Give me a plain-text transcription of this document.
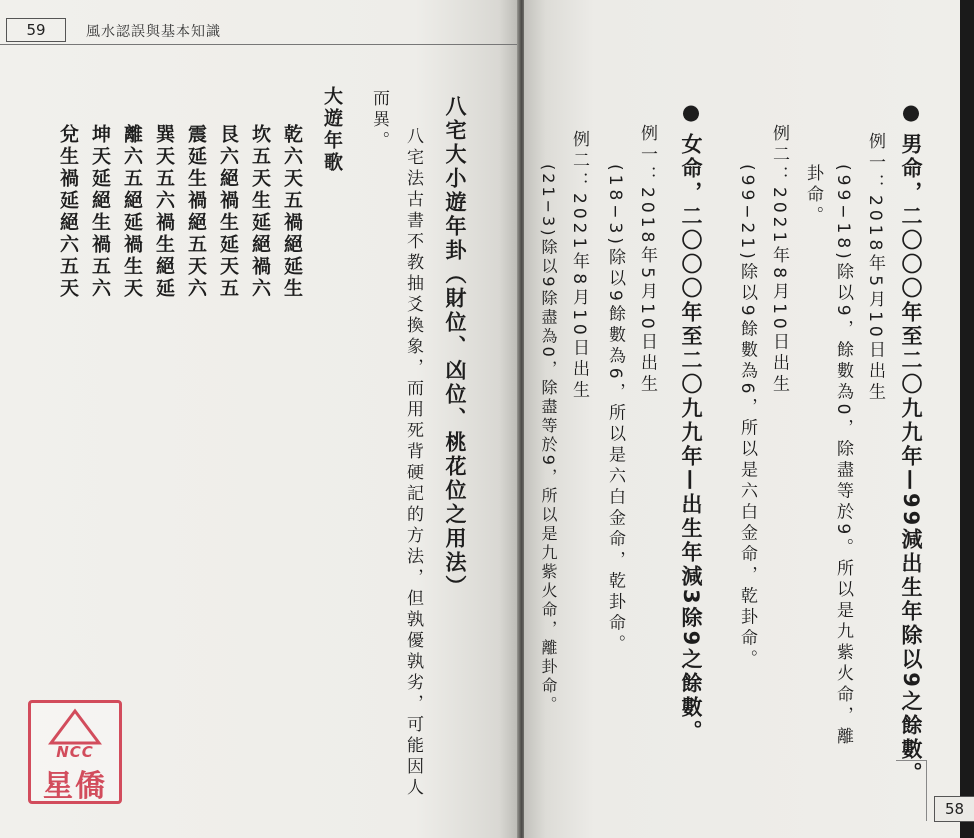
59	風水認誤與基本知識
八宅大小遊年卦（財位、凶位、桃花位之用法）
八宅法古書不教抽爻換象，而用死背硬記的方法，但孰優孰劣，可能因人
而異。
大遊年歌
乾六天五禍絕延生
坎五天生延絕禍六
艮六絕禍生延天五
震延生禍絕五天六
巽天五六禍生絕延
離六五絕延禍生天
坤天延絕生禍五六
兌生禍延絕六五天
NCC
星僑
●男命，二〇〇〇年至二〇九九年—99減出生年除以9之餘數。
例一：2018年5月10日出生
(99−18)除以9，餘數為0，除盡等於9。所以是九紫火命，離
卦命。
例二：2021年8月10日出生
(99−21)除以9餘數為6，所以是六白金命，乾卦命。
●女命，二〇〇〇年至二〇九九年—出生年減3除9之餘數。
例一：2018年5月10日出生
(18−3)除以9餘數為6，所以是六白金命，乾卦命。
例二：2021年8月10日出生
(21−3)除以9除盡為0，除盡等於9，所以是九紫火命，離卦命。
58
